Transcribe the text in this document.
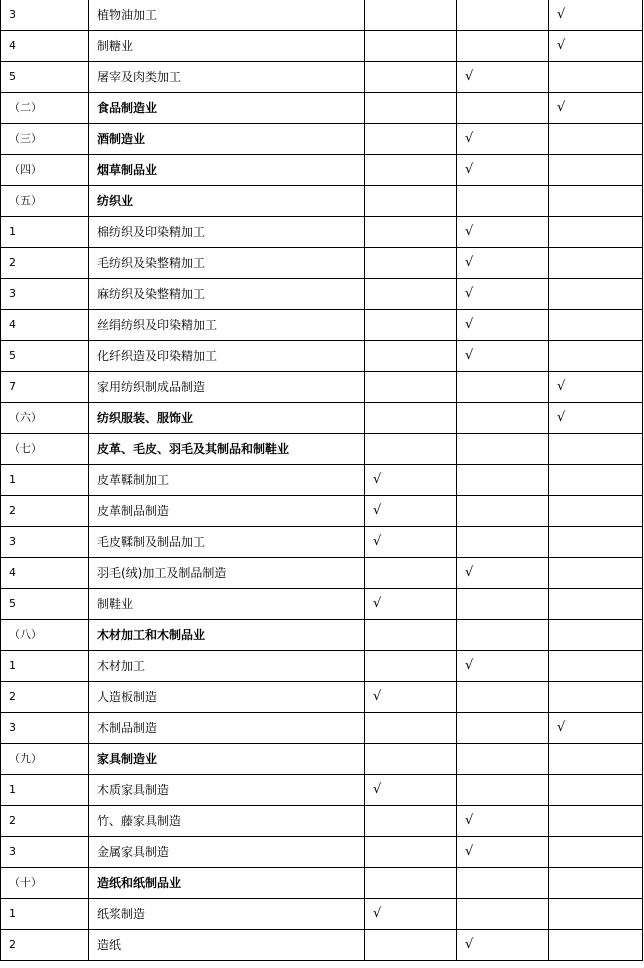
3	植物油加工			√
4	制糖业			√
5	屠宰及肉类加工		√	
（二）	食品制造业			√
（三）	酒制造业		√	
（四）	烟草制品业		√	
（五）	纺织业			
1	棉纺织及印染精加工		√	
2	毛纺织及染整精加工		√	
3	麻纺织及染整精加工		√	
4	丝绢纺织及印染精加工		√	
5	化纤织造及印染精加工		√	
7	家用纺织制成品制造			√
（六）	纺织服装、服饰业			√
（七）	皮革、毛皮、羽毛及其制品和制鞋业			
1	皮革鞣制加工	√		
2	皮革制品制造	√		
3	毛皮鞣制及制品加工	√		
4	羽毛(绒)加工及制品制造		√	
5	制鞋业	√		
（八）	木材加工和木制品业			
1	木材加工		√	
2	人造板制造	√		
3	木制品制造			√
（九）	家具制造业			
1	木质家具制造	√		
2	竹、藤家具制造		√	
3	金属家具制造		√	
（十）	造纸和纸制品业			
1	纸浆制造	√		
2	造纸		√	
